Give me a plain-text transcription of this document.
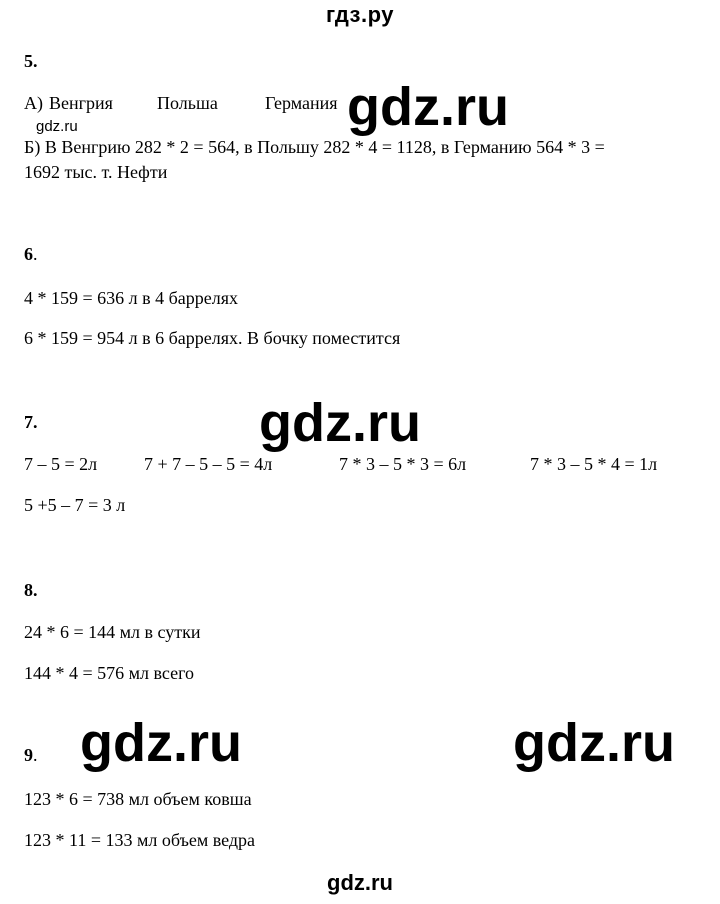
гдз.ру
5.
А) Венгрия Польша	Германия
Б) В Венгрию 282 * 2 = 564, в Польшу 282 * 4 = 1128, в Германию 564 * 3 =
1692 тыс. т. Нефти
gdz.ru
gdz.ru
6.
4 * 159 = 636 л в 4 баррелях
6 * 159 = 954 л в 6 баррелях. В бочку поместится
gdz.ru
7.
7 – 5 = 2л	7 + 7 – 5 – 5 = 4л	7 * 3 – 5 * 3 = 6л	7 * 3 – 5 * 4 = 1л
5 +5 – 7 = 3 л
8.
24 * 6 = 144 мл в сутки
144 * 4 = 576 мл всего
gdz.ru	gdz.ru
9.
123 * 6 = 738 мл объем ковша
123 * 11 = 133 мл объем ведра
gdz.ru
